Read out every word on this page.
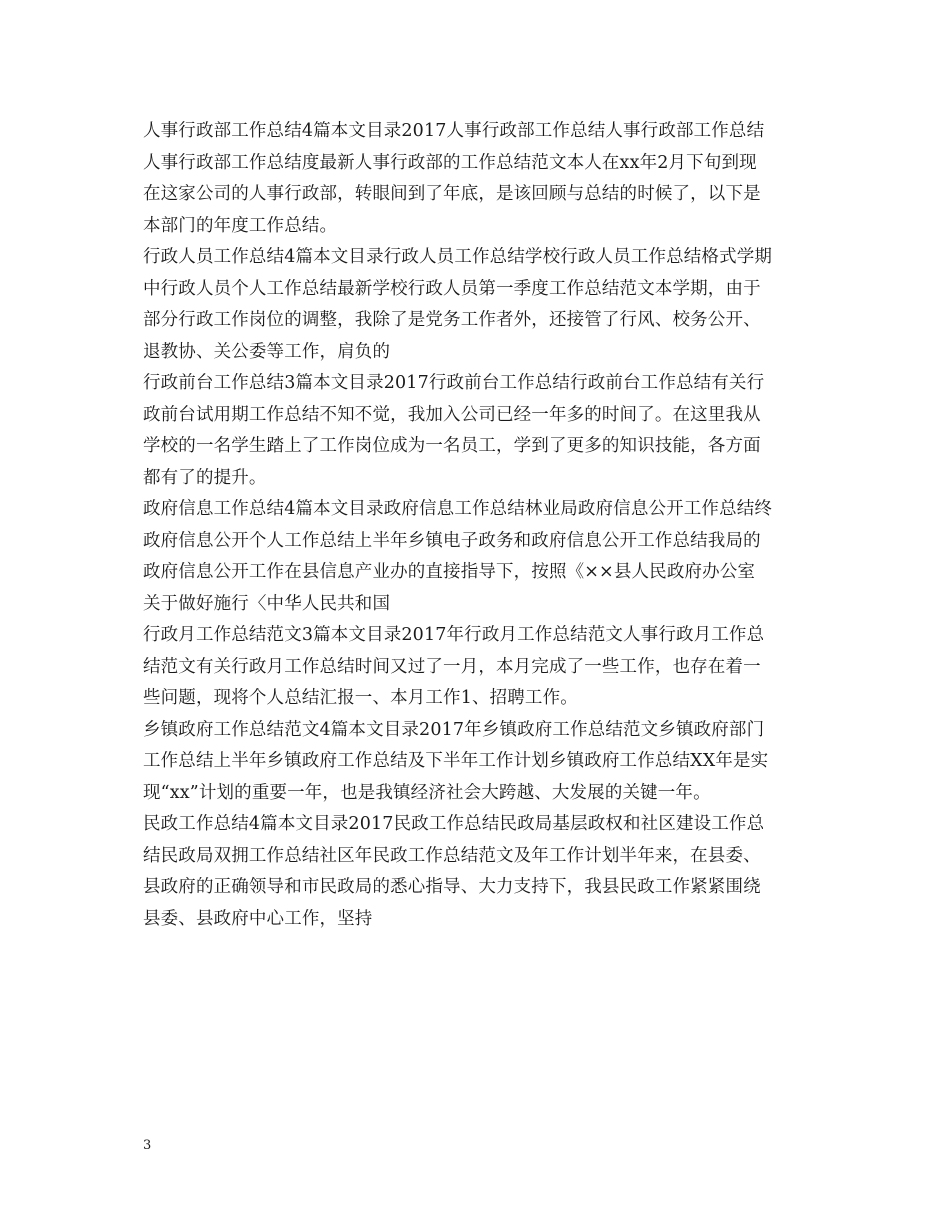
人事行政部工作总结4篇本文目录2017人事行政部工作总结人事行政部工作总结
人事行政部工作总结度最新人事行政部的工作总结范文本人在xx年2月下旬到现
在这家公司的人事行政部，转眼间到了年底，是该回顾与总结的时候了，以下是
本部门的年度工作总结。
行政人员工作总结4篇本文目录行政人员工作总结学校行政人员工作总结格式学期
中行政人员个人工作总结最新学校行政人员第一季度工作总结范文本学期，由于
部分行政工作岗位的调整，我除了是党务工作者外，还接管了行风、校务公开、
退教协、关公委等工作，肩负的
行政前台工作总结3篇本文目录2017行政前台工作总结行政前台工作总结有关行
政前台试用期工作总结不知不觉，我加入公司已经一年多的时间了。在这里我从
学校的一名学生踏上了工作岗位成为一名员工，学到了更多的知识技能，各方面
都有了的提升。
政府信息工作总结4篇本文目录政府信息工作总结林业局政府信息公开工作总结终
政府信息公开个人工作总结上半年乡镇电子政务和政府信息公开工作总结我局的
政府信息公开工作在县信息产业办的直接指导下，按照《××县人民政府办公室
关于做好施行〈中华人民共和国
行政月工作总结范文3篇本文目录2017年行政月工作总结范文人事行政月工作总
结范文有关行政月工作总结时间又过了一月，本月完成了一些工作，也存在着一
些问题，现将个人总结汇报一、本月工作1、招聘工作。
乡镇政府工作总结范文4篇本文目录2017年乡镇政府工作总结范文乡镇政府部门
工作总结上半年乡镇政府工作总结及下半年工作计划乡镇政府工作总结XX年是实
现“xx”计划的重要一年，也是我镇经济社会大跨越、大发展的关键一年。
民政工作总结4篇本文目录2017民政工作总结民政局基层政权和社区建设工作总
结民政局双拥工作总结社区年民政工作总结范文及年工作计划半年来，在县委、
县政府的正确领导和市民政局的悉心指导、大力支持下，我县民政工作紧紧围绕
县委、县政府中心工作，坚持
3
